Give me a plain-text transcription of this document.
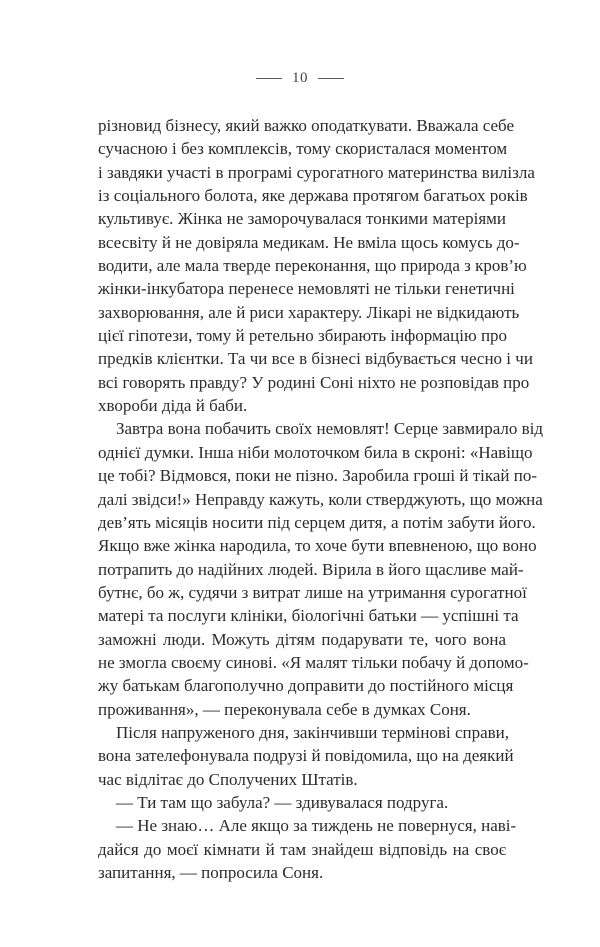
10
різновид бізнесу, який важко оподаткувати. Вважала себе
сучасною і без комплексів, тому скористалася моментом
і завдяки участі в програмі сурогатного материнства вилізла
із соціального болота, яке держава протягом багатьох років
культивує. Жінка не заморочувалася тонкими матеріями
всесвіту й не довіряла медикам. Не вміла щось комусь до-
водити, але мала тверде переконання, що природа з кров’ю
жінки-інкубатора перенесе немовляті не тільки генетичні
захворювання, але й риси характеру. Лікарі не відкидають
цієї гіпотези, тому й ретельно збирають інформацію про
предків клієнтки. Та чи все в бізнесі відбувається чесно і чи
всі говорять правду? У родині Соні ніхто не розповідав про
хвороби діда й баби.
Завтра вона побачить своїх немовлят! Серце завмирало від
однієї думки. Інша ніби молоточком била в скроні: «Навіщо
це тобі? Відмовся, поки не пізно. Заробила гроші й тікай по-
далі звідси!» Неправду кажуть, коли стверджують, що можна
дев’ять місяців носити під серцем дитя, а потім забути його.
Якщо вже жінка народила, то хоче бути впевненою, що воно
потрапить до надійних людей. Вірила в його щасливе май-
бутнє, бо ж, судячи з витрат лише на утримання сурогатної
матері та послуги клініки, біологічні батьки — успішні та
заможні люди. Можуть дітям подарувати те, чого вона
не змогла своєму синові. «Я малят тільки побачу й допомо-
жу батькам благополучно доправити до постійного місця
проживання», — переконувала себе в думках Соня.
Після напруженого дня, закінчивши термінові справи,
вона зателефонувала подрузі й повідомила, що на деякий
час відлітає до Сполучених Штатів.
— Ти там що забула? — здивувалася подруга.
— Не знаю… Але якщо за тиждень не повернуся, наві-
дайся до моєї кімнати й там знайдеш відповідь на своє
запитання, — попросила Соня.
